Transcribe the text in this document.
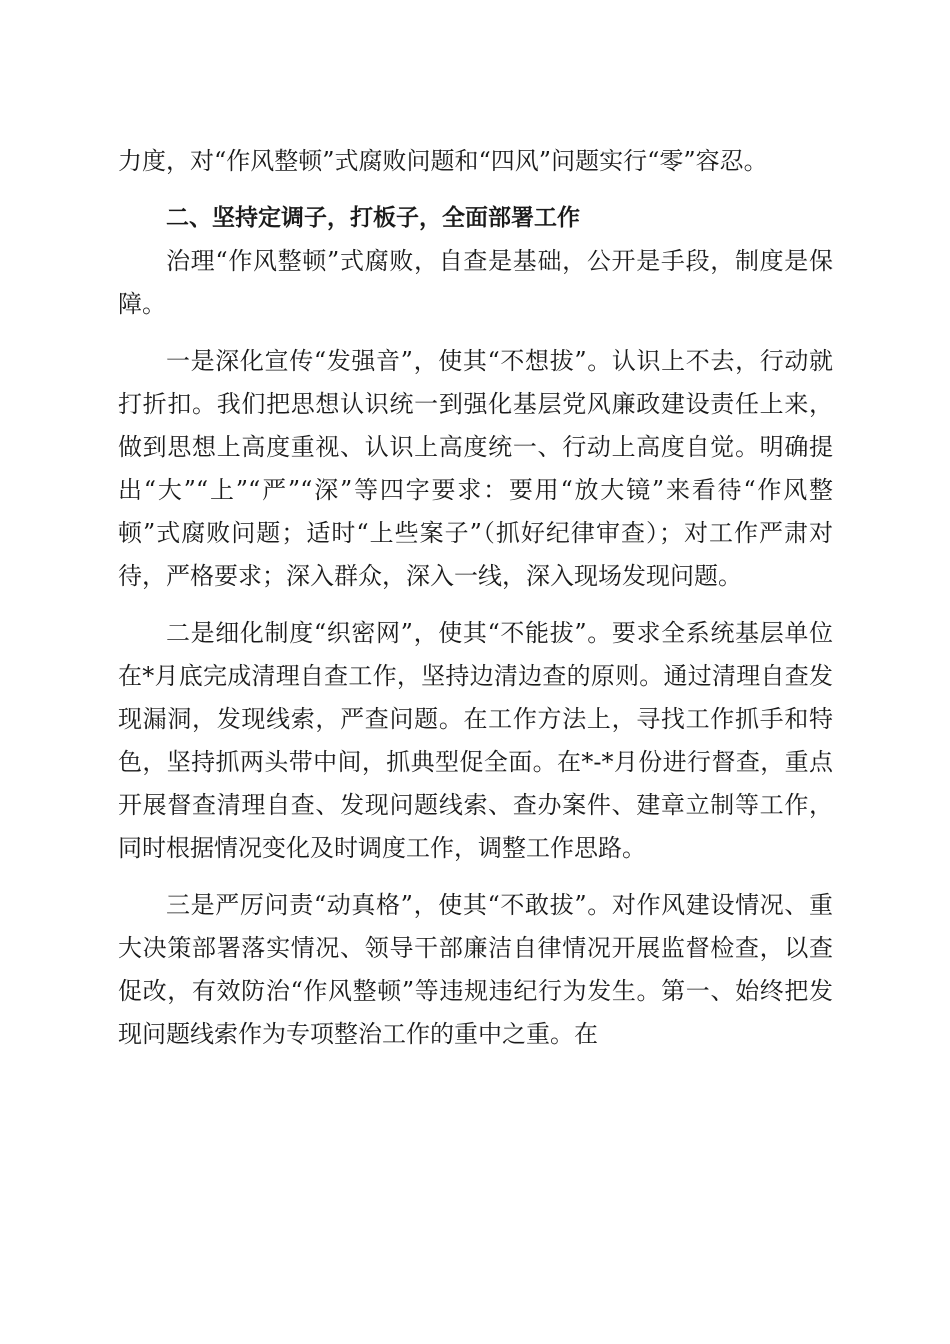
力度，对“作风整顿”式腐败问题和“四风”问题实行“零”容忍。

二、坚持定调子，打板子，全面部署工作

治理“作风整顿”式腐败，自查是基础，公开是手段，制度是保障。

一是深化宣传“发强音”，使其“不想拔”。认识上不去，行动就打折扣。我们把思想认识统一到强化基层党风廉政建设责任上来，做到思想上高度重视、认识上高度统一、行动上高度自觉。明确提出“大”“上”“严”“深”等四字要求：要用“放大镜”来看待“作风整顿”式腐败问题；适时“上些案子”（抓好纪律审查）；对工作严肃对待，严格要求；深入群众，深入一线，深入现场发现问题。

二是细化制度“织密网”，使其“不能拔”。要求全系统基层单位在*月底完成清理自查工作，坚持边清边查的原则。通过清理自查发现漏洞，发现线索，严查问题。在工作方法上，寻找工作抓手和特色，坚持抓两头带中间，抓典型促全面。在*-*月份进行督查，重点开展督查清理自查、发现问题线索、查办案件、建章立制等工作，同时根据情况变化及时调度工作，调整工作思路。

三是严厉问责“动真格”，使其“不敢拔”。对作风建设情况、重大决策部署落实情况、领导干部廉洁自律情况开展监督检查，以查促改，有效防治“作风整顿”等违规违纪行为发生。第一、始终把发现问题线索作为专项整治工作的重中之重。在
